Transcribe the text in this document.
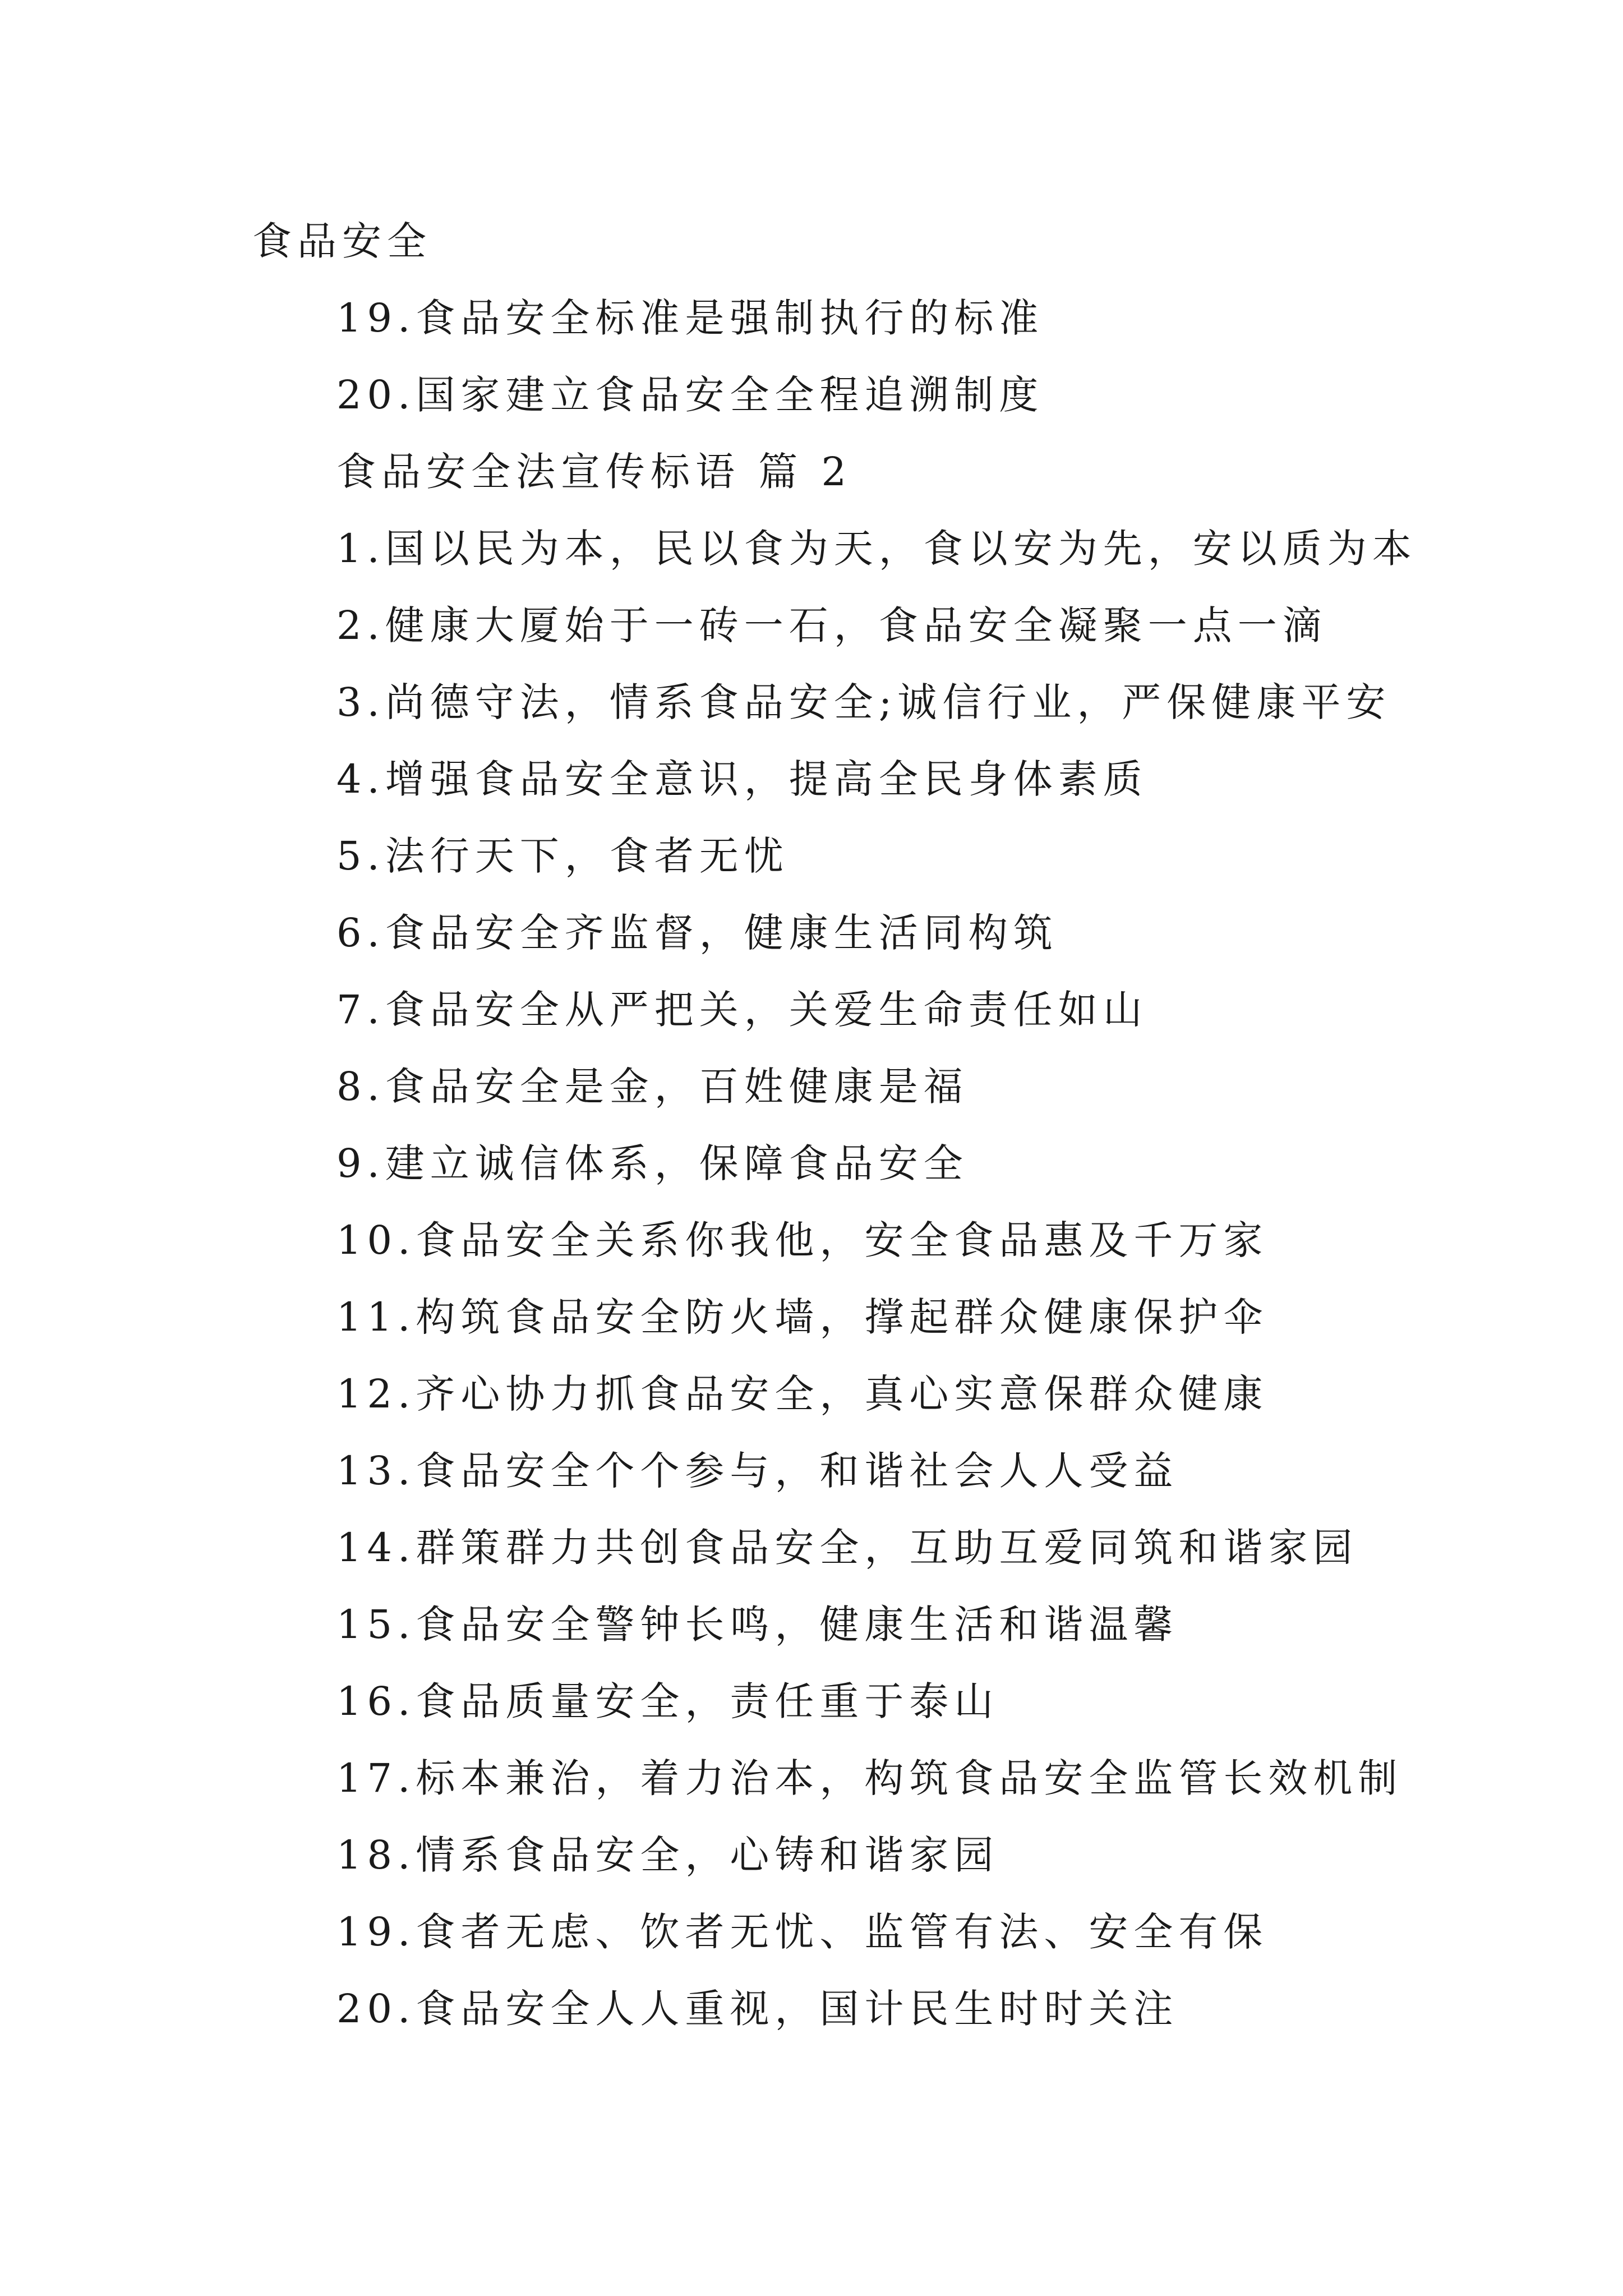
食品安全

19.食品安全标准是强制执行的标准

20.国家建立食品安全全程追溯制度

食品安全法宣传标语 篇 2

1.国以民为本，民以食为天，食以安为先，安以质为本

2.健康大厦始于一砖一石，食品安全凝聚一点一滴

3.尚德守法，情系食品安全;诚信行业，严保健康平安

4.增强食品安全意识，提高全民身体素质

5.法行天下，食者无忧

6.食品安全齐监督，健康生活同构筑

7.食品安全从严把关，关爱生命责任如山

8.食品安全是金，百姓健康是福

9.建立诚信体系，保障食品安全

10.食品安全关系你我他，安全食品惠及千万家

11.构筑食品安全防火墙，撑起群众健康保护伞

12.齐心协力抓食品安全，真心实意保群众健康

13.食品安全个个参与，和谐社会人人受益

14.群策群力共创食品安全，互助互爱同筑和谐家园

15.食品安全警钟长鸣，健康生活和谐温馨

16.食品质量安全，责任重于泰山

17.标本兼治，着力治本，构筑食品安全监管长效机制

18.情系食品安全，心铸和谐家园

19.食者无虑、饮者无忧、监管有法、安全有保

20.食品安全人人重视，国计民生时时关注
